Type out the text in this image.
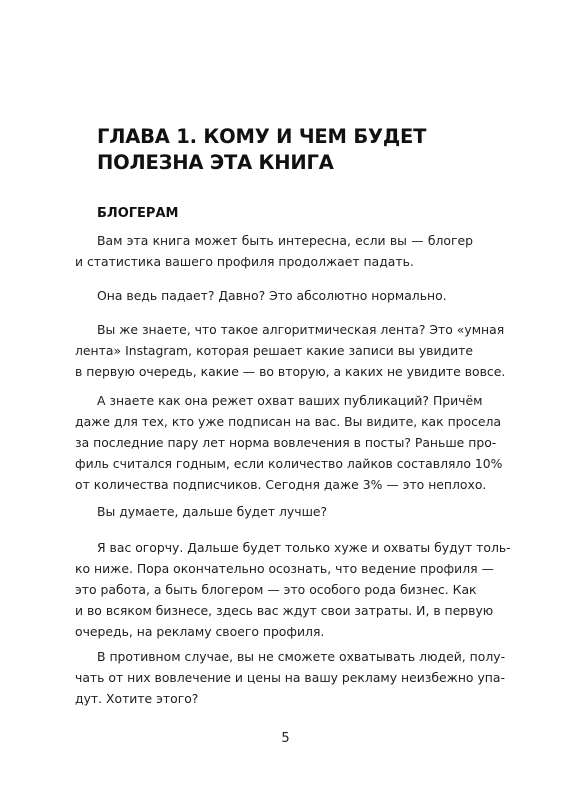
ГЛАВА 1. КОМУ И ЧЕМ БУДЕТ
ПОЛЕЗНА ЭТА КНИГА
БЛОГЕРАМ

Вам эта книга может быть интересна, если вы — блогер
и статистика вашего профиля продолжает падать.

Она ведь падает? Давно? Это абсолютно нормально.

Вы же знаете, что такое алгоритмическая лента? Это «умная
лента» Instagram, которая решает какие записи вы увидите
в первую очередь, какие — во вторую, а каких не увидите вовсе.

А знаете как она режет охват ваших публикаций? Причём
даже для тех, кто уже подписан на вас. Вы видите, как просела
за последние пару лет норма вовлечения в посты? Раньше про-
филь считался годным, если количество лайков составляло 10%
от количества подписчиков. Сегодня даже 3% — это неплохо.

Вы думаете, дальше будет лучше?

Я вас огорчу. Дальше будет только хуже и охваты будут толь-
ко ниже. Пора окончательно осознать, что ведение профиля —
это работа, а быть блогером — это особого рода бизнес. Как
и во всяком бизнесе, здесь вас ждут свои затраты. И, в первую
очередь, на рекламу своего профиля.

В противном случае, вы не сможете охватывать людей, полу-
чать от них вовлечение и цены на вашу рекламу неизбежно упа-
дут. Хотите этого?

5
